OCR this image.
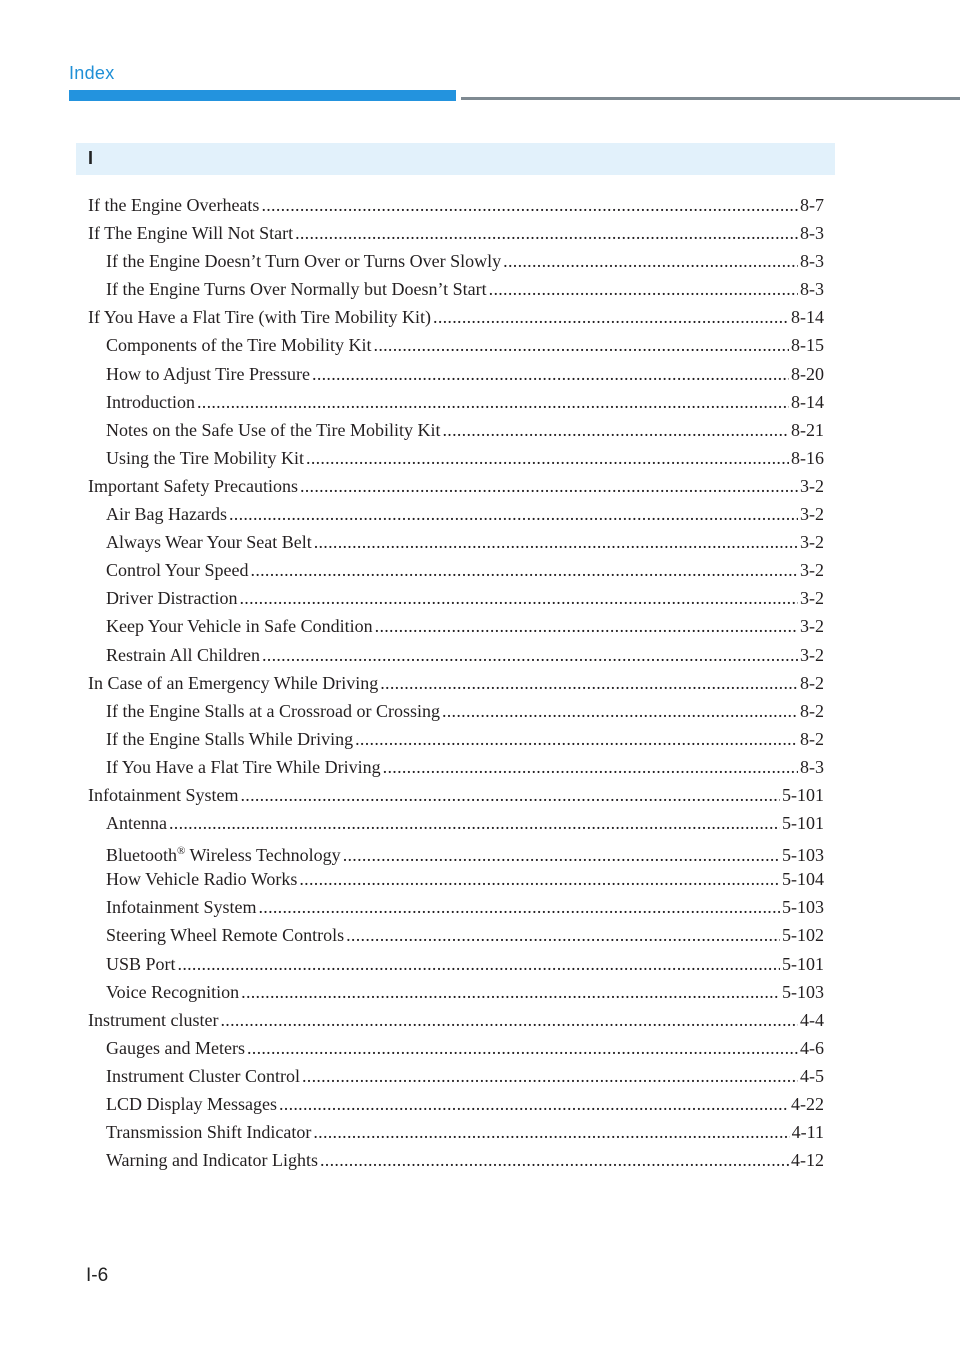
Index
I
If the Engine Overheats .....	8-7
If The Engine Will Not Start .....	8-3
If the Engine Doesn’t Turn Over or Turns Over Slowly .....	8-3
If the Engine Turns Over Normally but Doesn’t Start .....	8-3
If You Have a Flat Tire (with Tire Mobility Kit) .....	8-14
Components of the Tire Mobility Kit .....	8-15
How to Adjust Tire Pressure .....	8-20
Introduction .....	8-14
Notes on the Safe Use of the Tire Mobility Kit .....	8-21
Using the Tire Mobility Kit .....	8-16
Important Safety Precautions .....	3-2
Air Bag Hazards .....	3-2
Always Wear Your Seat Belt .....	3-2
Control Your Speed .....	3-2
Driver Distraction .....	3-2
Keep Your Vehicle in Safe Condition .....	3-2
Restrain All Children .....	3-2
In Case of an Emergency While Driving .....	8-2
If the Engine Stalls at a Crossroad or Crossing .....	8-2
If the Engine Stalls While Driving .....	8-2
If You Have a Flat Tire While Driving .....	8-3
Infotainment System .....	5-101
Antenna .....	5-101
Bluetooth® Wireless Technology .....	5-103
How Vehicle Radio Works .....	5-104
Infotainment System .....	5-103
Steering Wheel Remote Controls .....	5-102
USB Port .....	5-101
Voice Recognition .....	5-103
Instrument cluster .....	4-4
Gauges and Meters .....	4-6
Instrument Cluster Control .....	4-5
LCD Display Messages .....	4-22
Transmission Shift Indicator .....	4-11
Warning and Indicator Lights .....	4-12
I-6
